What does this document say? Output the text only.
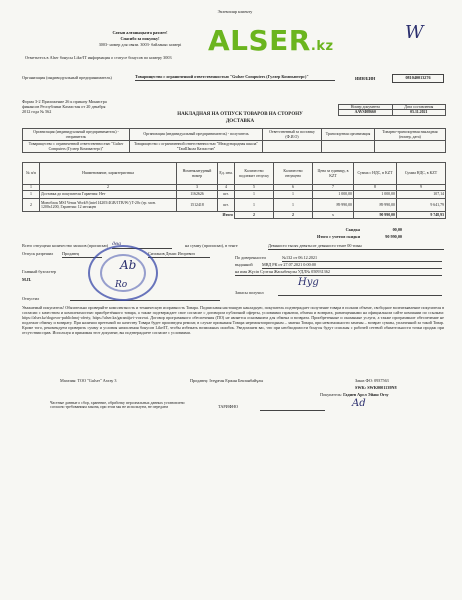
Экземпляр клиенту
Сатып алғаныңызға рахмет!
Спасибо за покупку!
3003- номер для связи. 3003- байланыс номері
Отметьтесь в Alser бонусы Like/IT информация о статусе бонусов по номеру 3003
ALSER.kz
W
Организация (индивидуальный предприниматель)	Товарищество с ограниченной ответственностью "Gulser Computers (Гулзер Компьютерс)"	ИИН/БИН	081040013276
Форма 3-2 Приложение 26 к приказу Министра
финансов Республики Казахстан от 20 декабря
2012 года № 562
Номер документа	Дата составления
AAVSI08660	05.11.2021
НАКЛАДНАЯ НА ОТПУСК ТОВАРОВ НА СТОРОНУ
ДОСТАВКА
Организация (индивидуальный предприниматель) - отправитель	Организация (индивидуальный предприниматель) - получатель	Ответственный за поставку (Ф.И.О)	Транспортная организация	Товарно-транспортная накладная (номер, дата)
Товарищество с ограниченной ответственностью "Gulser Computers (Гулзер Компьютерс)"	Товарищество с ограниченной ответственностью "Международная школа" "ТамШкола Казахстан"			
№ п/п	Наименование, характеристика	Номенклатурный номер	Ед. изм.	Количество подлежит отпуску	Количество отпущено	Цена за единицу, в KZT	Сумма с НДС, в KZT	Сумма НДС, в KZT
1	2	3	4	5	6	7	8	9
1	Доставка до покупателя Гарантия: Нет	1162626	шт.	1	1	1 000,00	1 000,00	107,14
2	Моноблок MSI Venus Work9 (intel J4205/4GB/1TB/W/) T-20c (гр. мон. 1200x1200, Гарантия: 12 месяцев	1512418	шт.	1	1	89 990,00	89 990,00	9 641,79
			Итого	2	2	x	90 990,00	9 748,93
Скидка	00,00
Итого с учетом скидки	90 990,00
Всего отпущено количество запасов (прописью) два	на сумму (прописью), в тенге	Девяносто тысяч девятьсот девяносто тенге 00 тиын
Отпуск разрешил Продавец	Сизганов Денис Игоревич
Главный бухгалтер
М.П.
Отпустил
Ab
Ro
По доверенности	№132 от 06.12.2021
выданной МВД РК от 27.07.2021 0:00:00
на имя Жүсіп Султан Жасыбекулы УДЛ№ 050931362
Hyg
Запасы получил
Уважаемый покупатель! Обязательно проверяйте комплектность и техническую исправность Товара. Подписывая настоящую накладную, покупатель подтверждает получение товара в полном объеме, свободное волеизъявление покупателя в согласии с качеством и комплектностью приобретённого товара, а также подтверждает свое согласие с договором публичной оферты, условиями гарантии, обмена и возврата, размещенными на официальном сайте компании по ссылкам: https://alser.kz/dogovor-publichnoj-oferty, https://alser.kz/garantija-i-vozvrat. Договор программного обеспечения (ПО) не является основанием для обмена и возврата. Приобретенные и оказанные услуги, а также программное обеспечение не подлежат обмену и возврату. При наличии претензий по качеству Товара будет произведен ремонт, в случае признания Товара неремонтопригодным – замена Товара, при невозможности замены – возврат суммы, уплаченной за такой Товар. Кроме того, рекомендуем проверить сумму и условия начисления бонусов Like/IT, чтобы избежать возможных ошибок. Уведомляем вас, что при необходимости бонусы будут списаны с рабочей сетевой обязательности точки продаж при отсутствии прав. Используя и принимая этот документ, вы подтверждаете согласие с условиями.
Магазин: ТОО "Gulser" Ахтау 3	Продавец: Ізтұрған Ержан Бекзанбайұлы	Заказ ФО: 0937563
SWK: SWK0001139N8
Покупатель: Гадиев Арсл Эйаш Огзу
Частные данные о сбор, хранение, обработку персональных данных установлено согласно требованиям закона, при этом мы не используем, не передаем	ТАРИФНО	Ad
